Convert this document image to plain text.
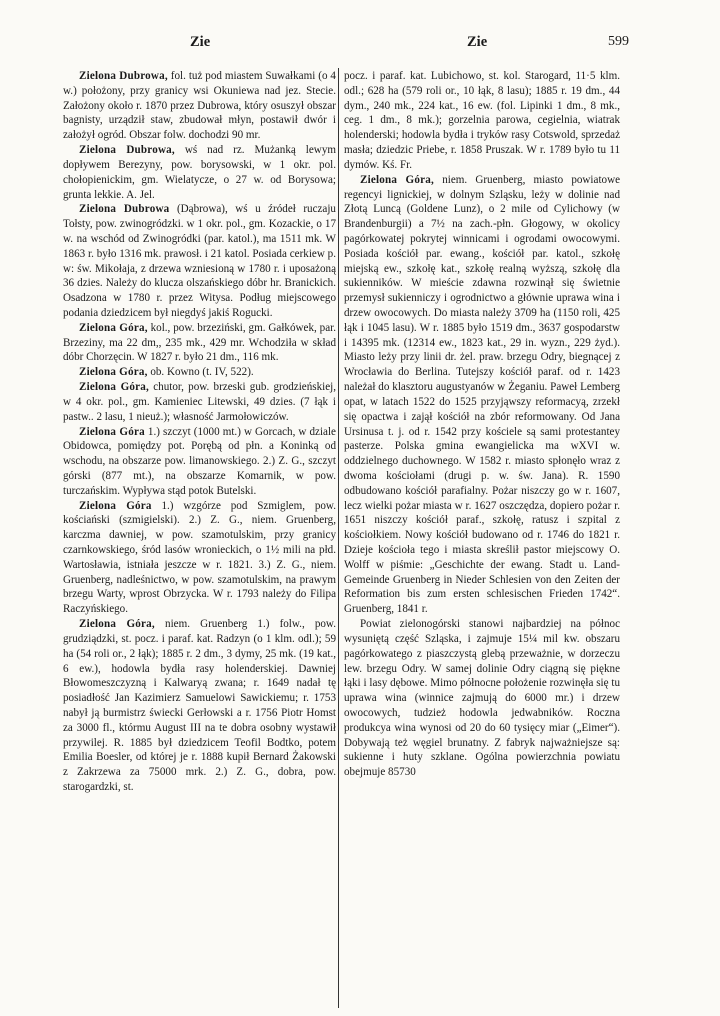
Zie	Zie	599

Zielona Dubrowa, fol. tuż pod miastem Suwałkami (o 4 w.) położony, przy granicy wsi Okuniewa nad jez. Stecie. Założony około r. 1870 przez Dubrowa, który osuszył obszar bagnisty, urządził staw, zbudował młyn, postawił dwór i założył ogród. Obszar folw. dochodzi 90 mr.

Zielona Dubrowa, wś nad rz. Mużanką lewym dopływem Berezyny, pow. borysowski, w 1 okr. pol. chołopienickim, gm. Wielatycze, o 27 w. od Borysowa; grunta lekkie. A. Jel.

Zielona Dubrowa (Dąbrowa), wś u źródeł ruczaju Tołsty, pow. zwinogródzki. w 1 okr. pol., gm. Kozackie, o 17 w. na wschód od Zwinogródki (par. katol.), ma 1511 mk. W 1863 r. było 1316 mk. prawosł. i 21 katol. Posiada cerkiew p. w: św. Mikołaja, z drzewa wzniesioną w 1780 r. i uposażoną 36 dzies. Należy do klucza olszańskiego dóbr hr. Branickich. Osadzona w 1780 r. przez Witysa. Podług miejscowego podania dziedzicem był niegdyś jakiś Rogucki.

Zielona Góra, kol., pow. brzeziński, gm. Gałkówek, par. Brzeziny, ma 22 dm,, 235 mk., 429 mr. Wchodziła w skład dóbr Chorzęcin. W 1827 r. było 21 dm., 116 mk.

Zielona Góra, ob. Kowno (t. IV, 522).

Zielona Góra, chutor, pow. brzeski gub. grodzieńskiej, w 4 okr. pol., gm. Kamieniec Litewski, 49 dzies. (7 łąk i pastw.. 2 lasu, 1 nieuż.); własność Jarmołowiczów.

Zielona Góra 1.) szczyt (1000 mt.) w Gorcach, w dziale Obidowca, pomiędzy pot. Porębą od płn. a Koninką od wschodu, na obszarze pow. limanowskiego. 2.) Z. G., szczyt górski (877 mt.), na obszarze Komarnik, w pow. turczańskim. Wypływa stąd potok Butelski.

Zielona Góra 1.) wzgórze pod Szmiglem, pow. kościański (szmigielski). 2.) Z. G., niem. Gruenberg, karczma dawniej, w pow. szamotulskim, przy granicy czarnkowskiego, śród lasów wronieckich, o 1½ mili na płd. Wartosławia, istniała jeszcze w r. 1821. 3.) Z. G., niem. Gruenberg, nadleśnictwo, w pow. szamotulskim, na prawym brzegu Warty, wprost Obrzycka. W r. 1793 należy do Filipa Raczyńskiego.

Zielona Góra, niem. Gruenberg 1.) folw., pow. grudziądzki, st. pocz. i paraf. kat. Radzyn (o 1 klm. odl.); 59 ha (54 roli or., 2 łąk); 1885 r. 2 dm., 3 dymy, 25 mk. (19 kat., 6 ew.), hodowla bydła rasy holenderskiej. Dawniej Błowomeszczyzną i Kalwaryą zwana; r. 1649 nadał tę posiadłość Jan Kazimierz Samuelowi Sawickiemu; r. 1753 nabył ją burmistrz świecki Gerłowski a r. 1756 Piotr Homst za 3000 fl., którmu August III na te dobra osobny wystawił przywilej. R. 1885 był dziedzicem Teofil Bodtko, potem Emilia Boesler, od której je r. 1888 kupił Bernard Żakowski z Zakrzewa za 75000 mrk. 2.) Z. G., dobra, pow. starogardzki, st.

pocz. i paraf. kat. Lubichowo, st. kol. Starogard, 11·5 klm. odl.; 628 ha (579 roli or., 10 łąk, 8 lasu); 1885 r. 19 dm., 44 dym., 240 mk., 224 kat., 16 ew. (fol. Lipinki 1 dm., 8 mk., ceg. 1 dm., 8 mk.); gorzelnia parowa, cegielnia, wiatrak holenderski; hodowla bydła i tryków rasy Cotswold, sprzedaż masła; dziedzic Priebe, r. 1858 Pruszak. W r. 1789 było tu 11 dymów. Kś. Fr.

Zielona Góra, niem. Gruenberg, miasto powiatowe regencyi lignickiej, w dolnym Szląsku, leży w dolinie nad Złotą Luncą (Goldene Lunz), o 2 mile od Cylichowy (w Brandenburgii) a 7½ na zach.-płn. Głogowy, w okolicy pagórkowatej pokrytej winnicami i ogrodami owocowymi. Posiada kościół par. ewang., kościół par. katol., szkołę miejską ew., szkołę kat., szkołę realną wyższą, szkołę dla sukienników. W mieście zdawna rozwinął się świetnie przemysł sukienniczy i ogrodnictwo a głównie uprawa wina i drzew owocowych. Do miasta należy 3709 ha (1150 roli, 425 łąk i 1045 lasu). W r. 1885 było 1519 dm., 3637 gospodarstw i 14395 mk. (12314 ew., 1823 kat., 29 in. wyzn., 229 żyd.). Miasto leży przy linii dr. żel. praw. brzegu Odry, biegnącej z Wrocławia do Berlina. Tutejszy kościół paraf. od r. 1423 należał do klasztoru augustyanów w Żeganiu. Paweł Lemberg opat, w latach 1522 do 1525 przyjąwszy reformacyą, zrzekł się opactwa i zajął kościół na zbór reformowany. Od Jana Ursinusa t. j. od r. 1542 przy kościele są sami protestantey pasterze. Polska gmina ewangielicka ma wXVI w. oddzielnego duchownego. W 1582 r. miasto spłonęło wraz z dwoma kościołami (drugi p. w. św. Jana). R. 1590 odbudowano kościół parafialny. Pożar niszczy go w r. 1607, lecz wielki pożar miasta w r. 1627 oszczędza, dopiero pożar r. 1651 niszczy kościół paraf., szkołę, ratusz i szpital z kościołkiem. Nowy kościół budowano od r. 1746 do 1821 r. Dzieje kościoła tego i miasta skreślił pastor miejscowy O. Wolff w piśmie: „Geschichte der ewang. Stadt u. Land-Gemeinde Gruenberg in Nieder Schlesien von den Zeiten der Reformation bis zum ersten schlesischen Frieden 1742“. Gruenberg, 1841 r.

Powiat zielonogórski stanowi najbardziej na północ wysuniętą część Szląska, i zajmuje 15¼ mil kw. obszaru pagórkowatego z piaszczystą glebą przeważnie, w dorzeczu lew. brzegu Odry. W samej dolinie Odry ciągną się piękne łąki i lasy dębowe. Mimo północne położenie rozwinęła się tu uprawa wina (winnice zajmują do 6000 mr.) i drzew owocowych, tudzież hodowla jedwabników. Roczna produkcya wina wynosi od 20 do 60 tysięcy miar („Eimer“). Dobywają też węgiel brunatny. Z fabryk najważniejsze są: sukienne i huty szklane. Ogólna powierzchnia powiatu obejmuje 85730
